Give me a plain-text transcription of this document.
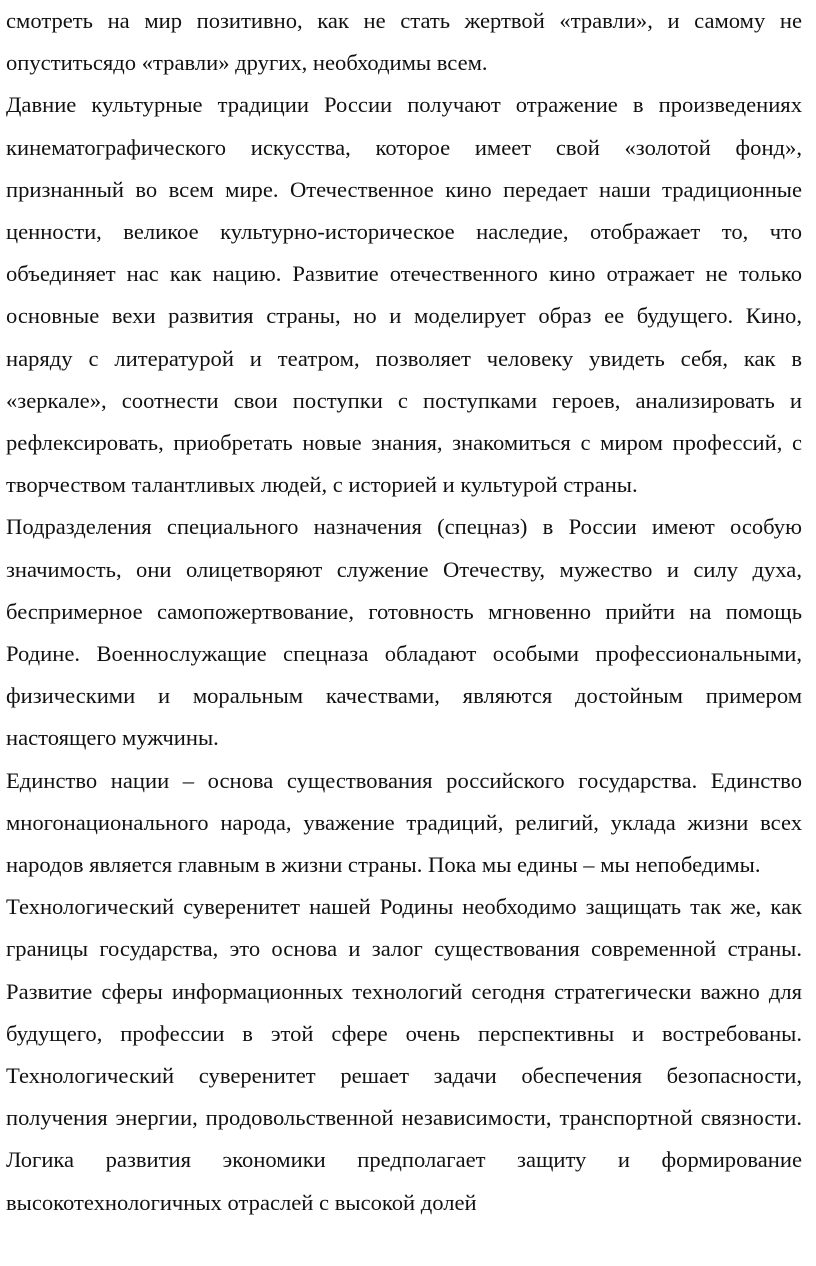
смотреть на мир позитивно, как не стать жертвой «травли», и самому не опуститьсядо «травли» других, необходимы всем.

Давние культурные традиции России получают отражение в произведениях кинематографического искусства, которое имеет свой «золотой фонд», признанный во всем мире. Отечественное кино передает наши традиционные ценности, великое культурно-историческое наследие, отображает то, что объединяет нас как нацию. Развитие отечественного кино отражает не только основные вехи развития страны, но и моделирует образ ее будущего. Кино, наряду с литературой и театром, позволяет человеку увидеть себя, как в «зеркале», соотнести свои поступки с поступками героев, анализировать и рефлексировать, приобретать новые знания, знакомиться с миром профессий, с творчеством талантливых людей, с историей и культурой страны.

Подразделения специального назначения (спецназ) в России имеют особую значимость, они олицетворяют служение Отечеству, мужество и силу духа, беспримерное самопожертвование, готовность мгновенно прийти на помощь Родине. Военнослужащие спецназа обладают особыми профессиональными, физическими и моральным качествами, являются достойным примером настоящего мужчины.

Единство нации – основа существования российского государства. Единство многонационального народа, уважение традиций, религий, уклада жизни всех народов является главным в жизни страны. Пока мы едины – мы непобедимы.

Технологический суверенитет нашей Родины необходимо защищать так же, как границы государства, это основа и залог существования современной страны. Развитие сферы информационных технологий сегодня стратегически важно для будущего, профессии в этой сфере очень перспективны и востребованы. Технологический суверенитет решает задачи обеспечения безопасности, получения энергии, продовольственной независимости, транспортной связности. Логика развития экономики предполагает защиту и формирование высокотехнологичных отраслей с высокой долей
